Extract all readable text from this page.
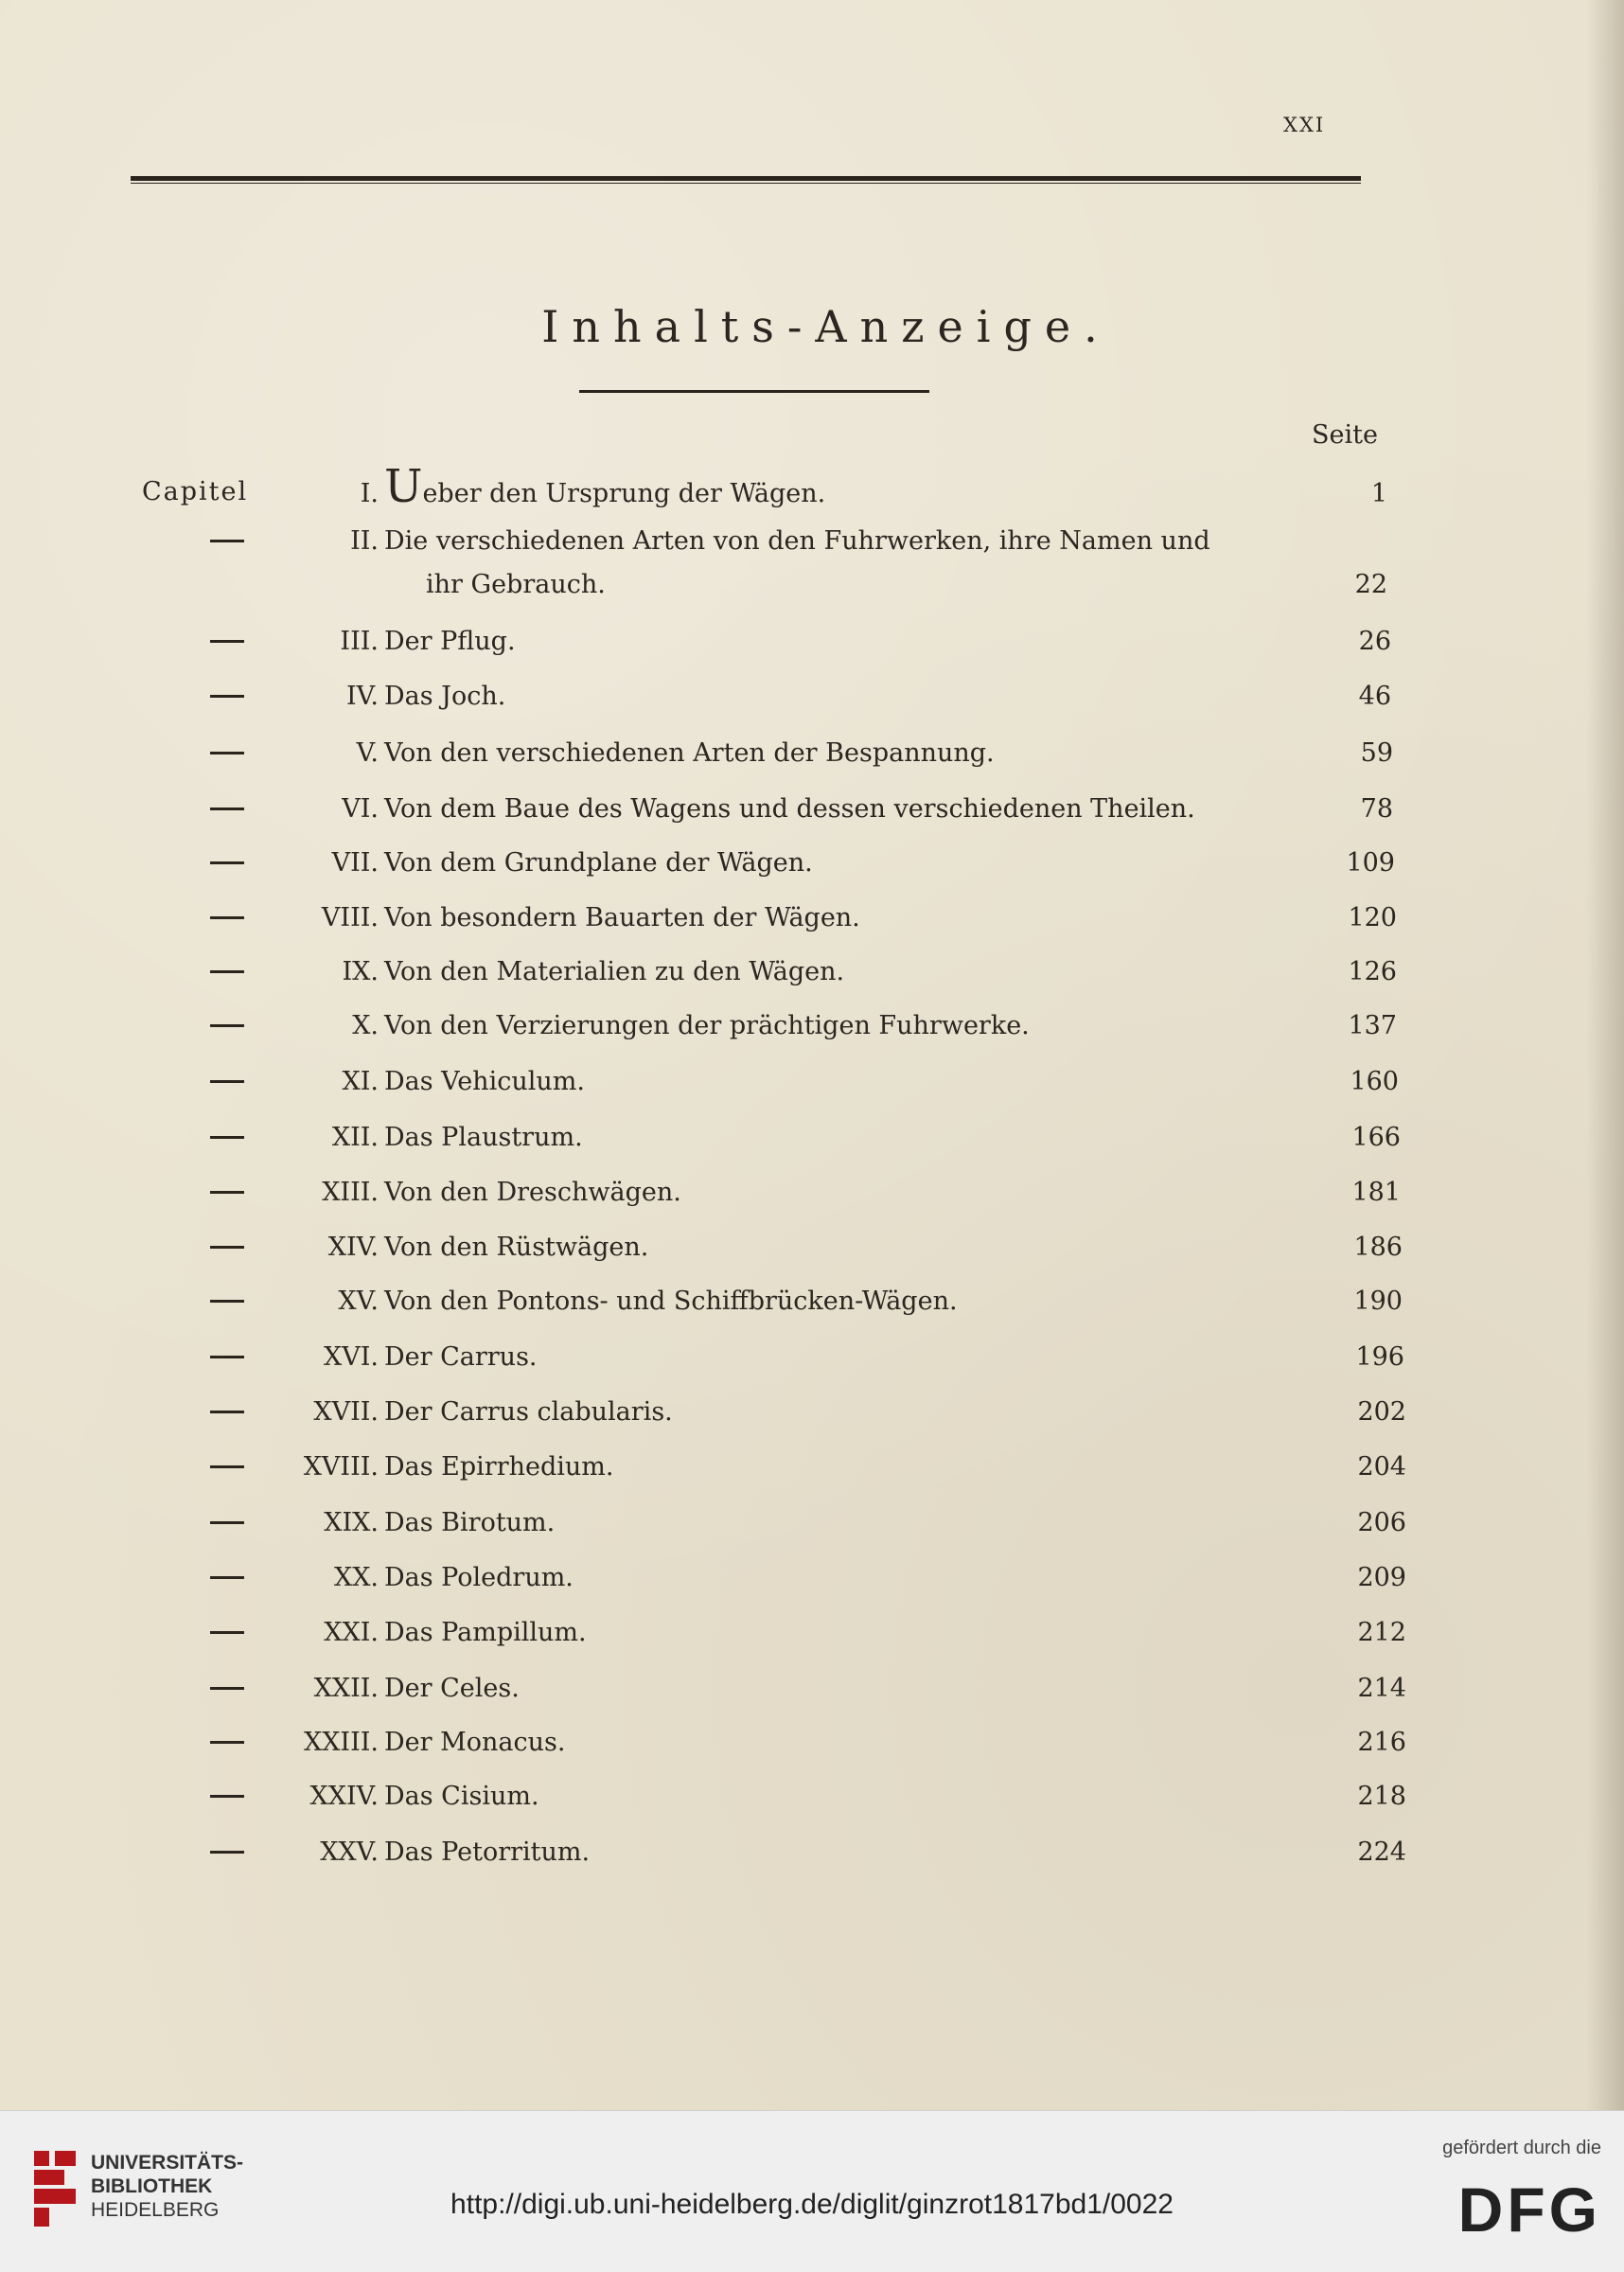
XXI
Inhalts-Anzeige.
Seite
Capitel	I. Ueber den Ursprung der Wägen.	1
II. Die verschiedenen Arten von den Fuhrwerken, ihre Namen und
ihr Gebrauch.	22
III. Der Pflug.	26
IV. Das Joch.	46
V. Von den verschiedenen Arten der Bespannung.	59
VI. Von dem Baue des Wagens und dessen verschiedenen Theilen.	78
VII. Von dem Grundplane der Wägen.	109
VIII. Von besondern Bauarten der Wägen.	120
IX. Von den Materialien zu den Wägen.	126
X. Von den Verzierungen der prächtigen Fuhrwerke.	137
XI. Das Vehiculum.	160
XII. Das Plaustrum.	166
XIII. Von den Dreschwägen.	181
XIV. Von den Rüstwägen.	186
XV. Von den Pontons- und Schiffbrücken-Wägen.	190
XVI. Der Carrus.	196
XVII. Der Carrus clabularis.	202
XVIII. Das Epirrhedium.	204
XIX. Das Birotum.	206
XX. Das Poledrum.	209
XXI. Das Pampillum.	212
XXII. Der Celes.	214
XXIII. Der Monacus.	216
XXIV. Das Cisium.	218
XXV. Das Petorritum.	224
UNIVERSITÄTS-
BIBLIOTHEK
HEIDELBERG	http://digi.ub.uni-heidelberg.de/diglit/ginzrot1817bd1/0022
gefördert durch die
DFG
